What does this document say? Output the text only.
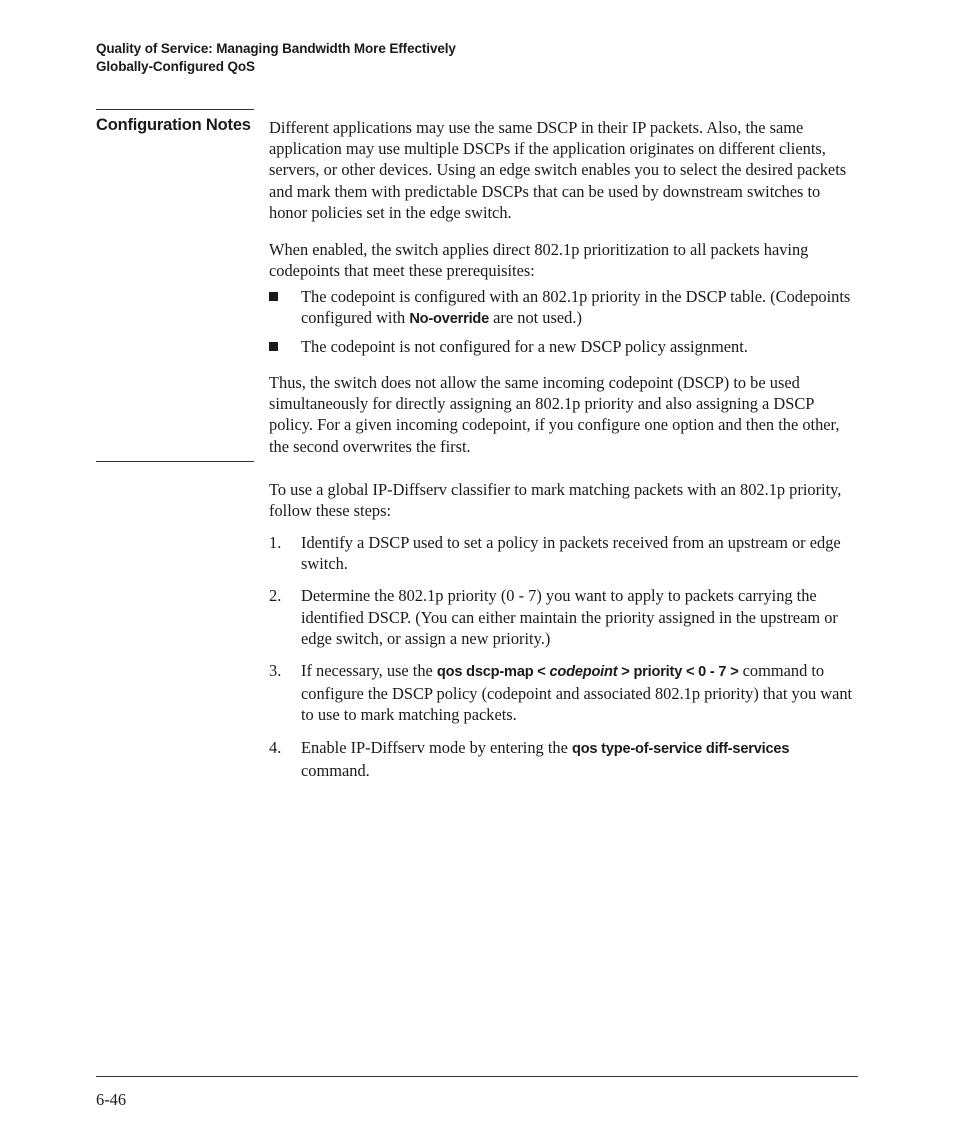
Quality of Service: Managing Bandwidth More Effectively
Globally-Configured QoS
Configuration Notes Different applications may use the same DSCP in their IP packets. Also, the same application may use multiple DSCPs if the application originates on different clients, servers, or other devices. Using an edge switch enables you to select the desired packets and mark them with predictable DSCPs that can be used by downstream switches to honor policies set in the edge switch.

When enabled, the switch applies direct 802.1p prioritization to all packets having codepoints that meet these prerequisites:

The codepoint is configured with an 802.1p priority in the DSCP table. (Codepoints configured with No-override are not used.)
The codepoint is not configured for a new DSCP policy assignment.

Thus, the switch does not allow the same incoming codepoint (DSCP) to be used simultaneously for directly assigning an 802.1p priority and also assigning a DSCP policy. For a given incoming codepoint, if you configure one option and then the other, the second overwrites the first.

To use a global IP-Diffserv classifier to mark matching packets with an 802.1p priority, follow these steps:

1. Identify a DSCP used to set a policy in packets received from an upstream or edge switch.
2. Determine the 802.1p priority (0 - 7) you want to apply to packets carrying the identified DSCP. (You can either maintain the priority assigned in the upstream or edge switch, or assign a new priority.)
3. If necessary, use the qos dscp-map < codepoint > priority < 0 - 7 > command to configure the DSCP policy (codepoint and associated 802.1p priority) that you want to use to mark matching packets.
4. Enable IP-Diffserv mode by entering the qos type-of-service diff-services command.
6-46
